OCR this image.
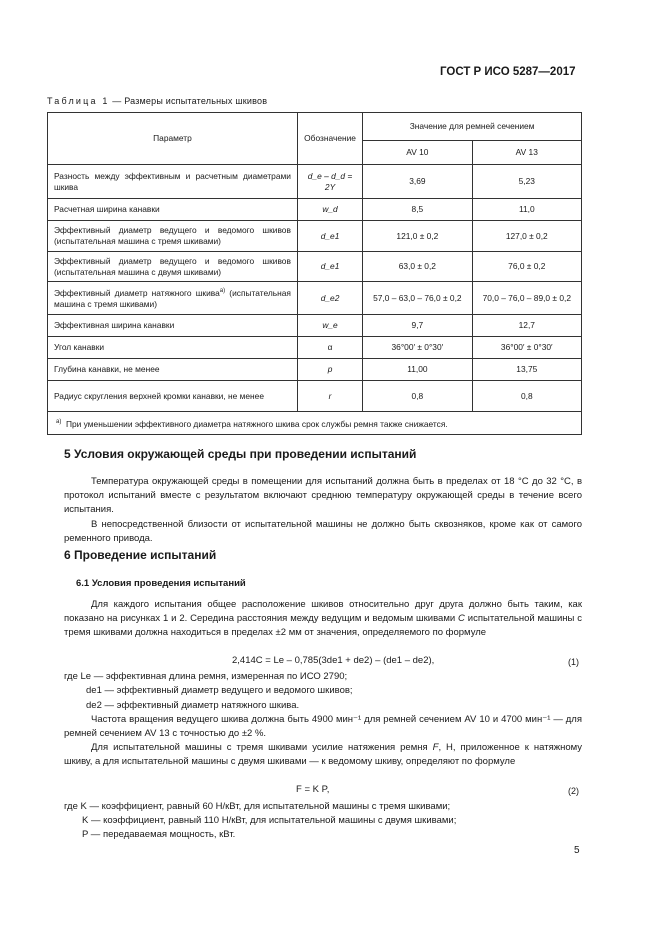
ГОСТ Р ИСО 5287—2017
Таблица 1 — Размеры испытательных шкивов
Параметр	Обозначение	Значение для ремней сечением	
		AV 10	AV 13
Разность между эффективным и расчетным диаметрами шкива	d_e – d_d = 2Y	3,69	5,23
Расчетная ширина канавки	w_d	8,5	11,0
Эффективный диаметр ведущего и ведомого шкивов (испытательная машина с тремя шкивами)	d_e1	121,0 ± 0,2	127,0 ± 0,2
Эффективный диаметр ведущего и ведомого шкивов (испытательная машина с двумя шкивами)	d_e1	63,0 ± 0,2	76,0 ± 0,2
Эффективный диаметр натяжного шкива$^{а)}$ (испытательная машина с тремя шкивами)	d_e2	57,0 – 63,0 – 76,0 ± 0,2	70,0 – 76,0 – 89,0 ± 0,2
Эффективная ширина канавки	w_e	9,7	12,7
Угол канавки	α	36°00′ ± 0°30′	36°00′ ± 0°30′
Глубина канавки, не менее	p	11,00	13,75
Радиус скругления верхней кромки канавки, не менее	r	0,8	0,8
$^{а)}$ При уменьшении эффективного диаметра натяжного шкива срок службы ремня также снижается.			
5 Условия окружающей среды при проведении испытаний
Температура окружающей среды в помещении для испытаний должна быть в пределах от 18 °С до 32 °С, в протокол испытаний вместе с результатом включают среднюю температуру окружающей среды в течение всего испытания.
В непосредственной близости от испытательной машины не должно быть сквозняков, кроме как от самого ременного привода.
6 Проведение испытаний
6.1 Условия проведения испытаний
Для каждого испытания общее расположение шкивов относительно друг друга должно быть таким, как показано на рисунках 1 и 2. Середина расстояния между ведущим и ведомым шкивами С испытательной машины с тремя шкивами должна находиться в пределах ±2 мм от значения, определяемого по формуле
2,414C = Le – 0,785(3de1 + de2) – (de1 – de2),	(1)
где Le — эффективная длина ремня, измеренная по ИСО 2790;
de1 — эффективный диаметр ведущего и ведомого шкивов;
de2 — эффективный диаметр натяжного шкива.
Частота вращения ведущего шкива должна быть 4900 мин⁻¹ для ремней сечением AV 10 и 4700 мин⁻¹ — для ремней сечением AV 13 с точностью до ±2 %.
Для испытательной машины с тремя шкивами усилие натяжения ремня F, Н, приложенное к натяжному шкиву, а для испытательной машины с двумя шкивами — к ведомому шкиву, определяют по формуле
F = K P,	(2)
где K — коэффициент, равный 60 Н/кВт, для испытательной машины с тремя шкивами;
K — коэффициент, равный 110 Н/кВт, для испытательной машины с двумя шкивами;
P — передаваемая мощность, кВт.
5
